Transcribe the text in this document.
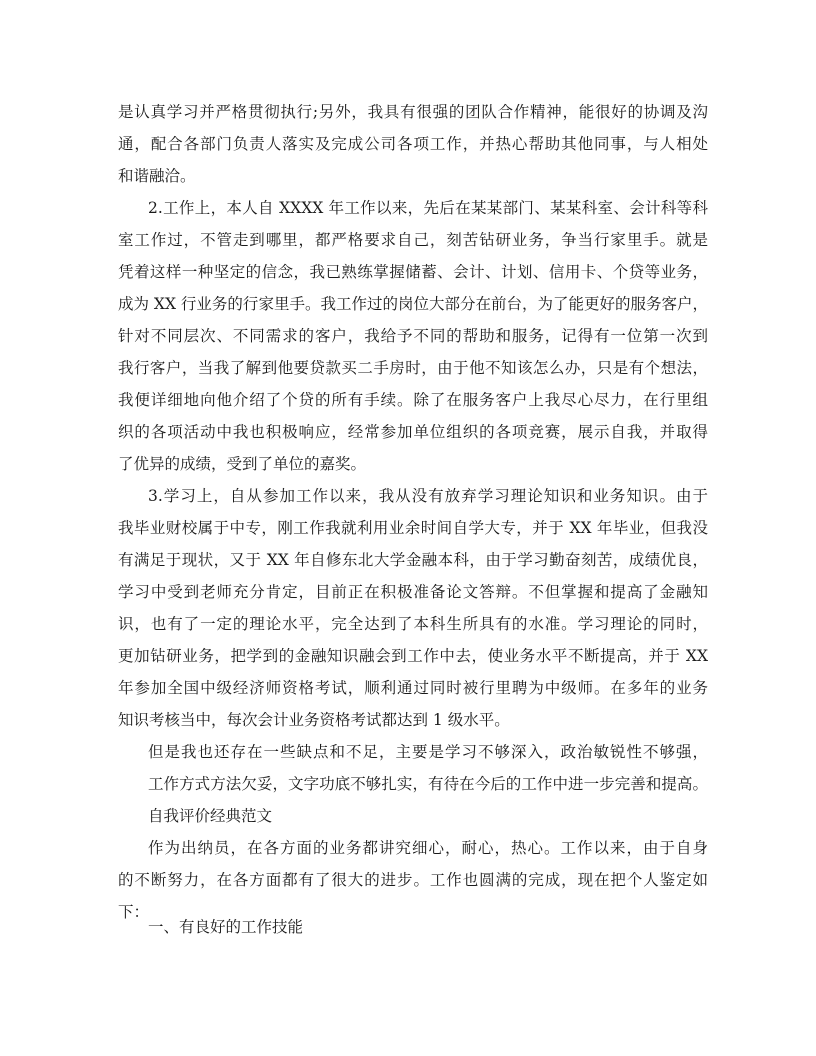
是认真学习并严格贯彻执行;另外，我具有很强的团队合作精神，能很好的协调及沟
通，配合各部门负责人落实及完成公司各项工作，并热心帮助其他同事，与人相处
和谐融洽。
2.工作上，本人自 XXXX 年工作以来，先后在某某部门、某某科室、会计科等科
室工作过，不管走到哪里，都严格要求自己，刻苦钻研业务，争当行家里手。就是
凭着这样一种坚定的信念，我已熟练掌握储蓄、会计、计划、信用卡、个贷等业务，
成为 XX 行业务的行家里手。我工作过的岗位大部分在前台，为了能更好的服务客户，
针对不同层次、不同需求的客户，我给予不同的帮助和服务，记得有一位第一次到
我行客户，当我了解到他要贷款买二手房时，由于他不知该怎么办，只是有个想法，
我便详细地向他介绍了个贷的所有手续。除了在服务客户上我尽心尽力，在行里组
织的各项活动中我也积极响应，经常参加单位组织的各项竞赛，展示自我，并取得
了优异的成绩，受到了单位的嘉奖。
3.学习上，自从参加工作以来，我从没有放弃学习理论知识和业务知识。由于
我毕业财校属于中专，刚工作我就利用业余时间自学大专，并于 XX 年毕业，但我没
有满足于现状，又于 XX 年自修东北大学金融本科，由于学习勤奋刻苦，成绩优良，
学习中受到老师充分肯定，目前正在积极准备论文答辩。不但掌握和提高了金融知
识，也有了一定的理论水平，完全达到了本科生所具有的水准。学习理论的同时，
更加钻研业务，把学到的金融知识融会到工作中去，使业务水平不断提高，并于 XX
年参加全国中级经济师资格考试，顺利通过同时被行里聘为中级师。在多年的业务
知识考核当中，每次会计业务资格考试都达到 1 级水平。
但是我也还存在一些缺点和不足，主要是学习不够深入，政治敏锐性不够强，
工作方式方法欠妥，文字功底不够扎实，有待在今后的工作中进一步完善和提高。
自我评价经典范文
作为出纳员，在各方面的业务都讲究细心，耐心，热心。工作以来，由于自身
的不断努力，在各方面都有了很大的进步。工作也圆满的完成，现在把个人鉴定如
下：
一、有良好的工作技能
